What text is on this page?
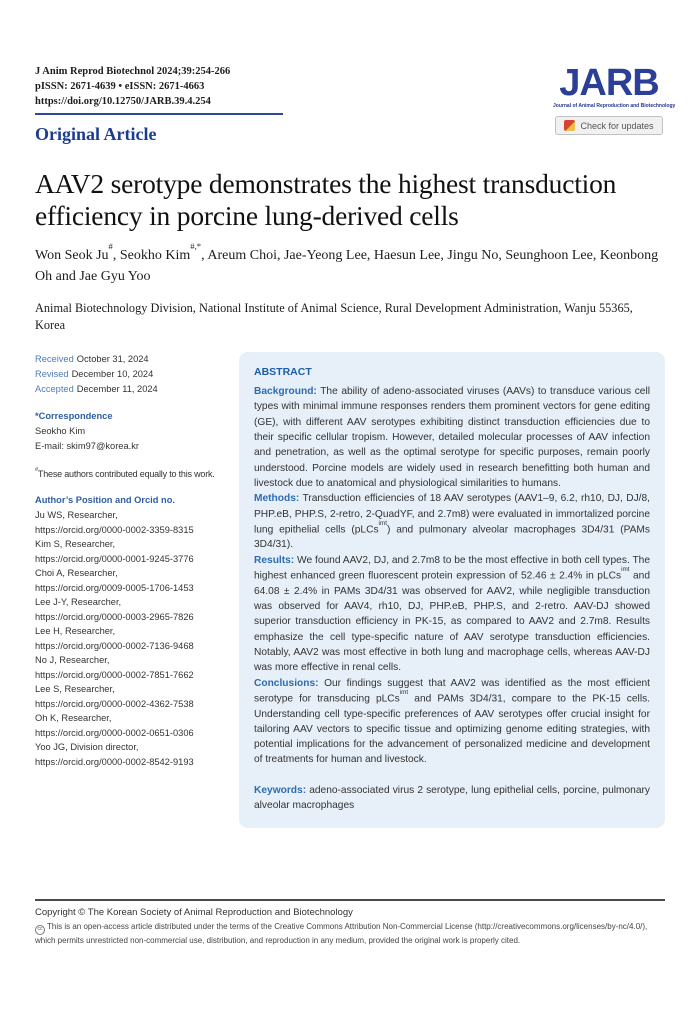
J Anim Reprod Biotechnol 2024;39:254-266
pISSN: 2671-4639 • eISSN: 2671-4663
https://doi.org/10.12750/JARB.39.4.254
Original Article
JARB
Journal of Animal Reproduction and Biotechnology
Check for updates
AAV2 serotype demonstrates the highest transduction efficiency in porcine lung-derived cells
Won Seok Ju#, Seokho Kim#,*, Areum Choi, Jae-Yeong Lee, Haesun Lee, Jingu No, Seunghoon Lee, Keonbong Oh and Jae Gyu Yoo
Animal Biotechnology Division, National Institute of Animal Science, Rural Development Administration, Wanju 55365, Korea
Received October 31, 2024
Revised December 10, 2024
Accepted December 11, 2024
*Correspondence
Seokho Kim
E-mail: skim97@korea.kr
#These authors contributed equally to this work.
Author’s Position and Orcid no.
Ju WS, Researcher,
https://orcid.org/0000-0002-3359-8315
Kim S, Researcher,
https://orcid.org/0000-0001-9245-3776
Choi A, Researcher,
https://orcid.org/0009-0005-1706-1453
Lee J-Y, Researcher,
https://orcid.org/0000-0003-2965-7826
Lee H, Researcher,
https://orcid.org/0000-0002-7136-9468
No J, Researcher,
https://orcid.org/0000-0002-7851-7662
Lee S, Researcher,
https://orcid.org/0000-0002-4362-7538
Oh K, Researcher,
https://orcid.org/0000-0002-0651-0306
Yoo JG, Division director,
https://orcid.org/0000-0002-8542-9193
ABSTRACT

Background: The ability of adeno-associated viruses (AAVs) to transduce various cell types with minimal immune responses renders them prominent vectors for gene editing (GE), with different AAV serotypes exhibiting distinct transduction efficiencies due to their specific cellular tropism. However, detailed molecular processes of AAV infection and penetration, as well as the optimal serotype for specific purposes, remain poorly understood. Porcine models are widely used in research benefitting both human and livestock due to anatomical and physiological similarities to humans.

Methods: Transduction efficiencies of 18 AAV serotypes (AAV1–9, 6.2, rh10, DJ, DJ/8, PHP.eB, PHP.S, 2-retro, 2-QuadYF, and 2.7m8) were evaluated in immortalized porcine lung epithelial cells (pLCs$^{imt}$) and pulmonary alveolar macrophages 3D4/31 (PAMs 3D4/31).

Results: We found AAV2, DJ, and 2.7m8 to be the most effective in both cell types. The highest enhanced green fluorescent protein expression of 52.46 ± 2.4% in pLCs$^{imt}$ and 64.08 ± 2.4% in PAMs 3D4/31 was observed for AAV2, while negligible transduction was observed for AAV4, rh10, DJ, PHP.eB, PHP.S, and 2-retro. AAV-DJ showed superior transduction efficiency in PK-15, as compared to AAV2 and 2.7m8. Results emphasize the cell type-specific nature of AAV serotype transduction efficiencies. Notably, AAV2 was most effective in both lung and macrophage cells, whereas AAV-DJ was more effective in renal cells.

Conclusions: Our findings suggest that AAV2 was identified as the most efficient serotype for transducing pLCs$^{imt}$ and PAMs 3D4/31, compare to the PK-15 cells. Understanding cell type-specific preferences of AAV serotypes offer crucial insight for tailoring AAV vectors to specific tissue and optimizing genome editing strategies, with potential implications for the advancement of personalized medicine and development of treatments for human and livestock.

Keywords: adeno-associated virus 2 serotype, lung epithelial cells, porcine, pulmonary alveolar macrophages

Copyright © The Korean Society of Animal Reproduction and Biotechnology
cc This is an open-access article distributed under the terms of the Creative Commons Attribution Non-Commercial License (http://creativecommons.org/licenses/by-nc/4.0/), which permits unrestricted non-commercial use, distribution, and reproduction in any medium, provided the original work is properly cited.
